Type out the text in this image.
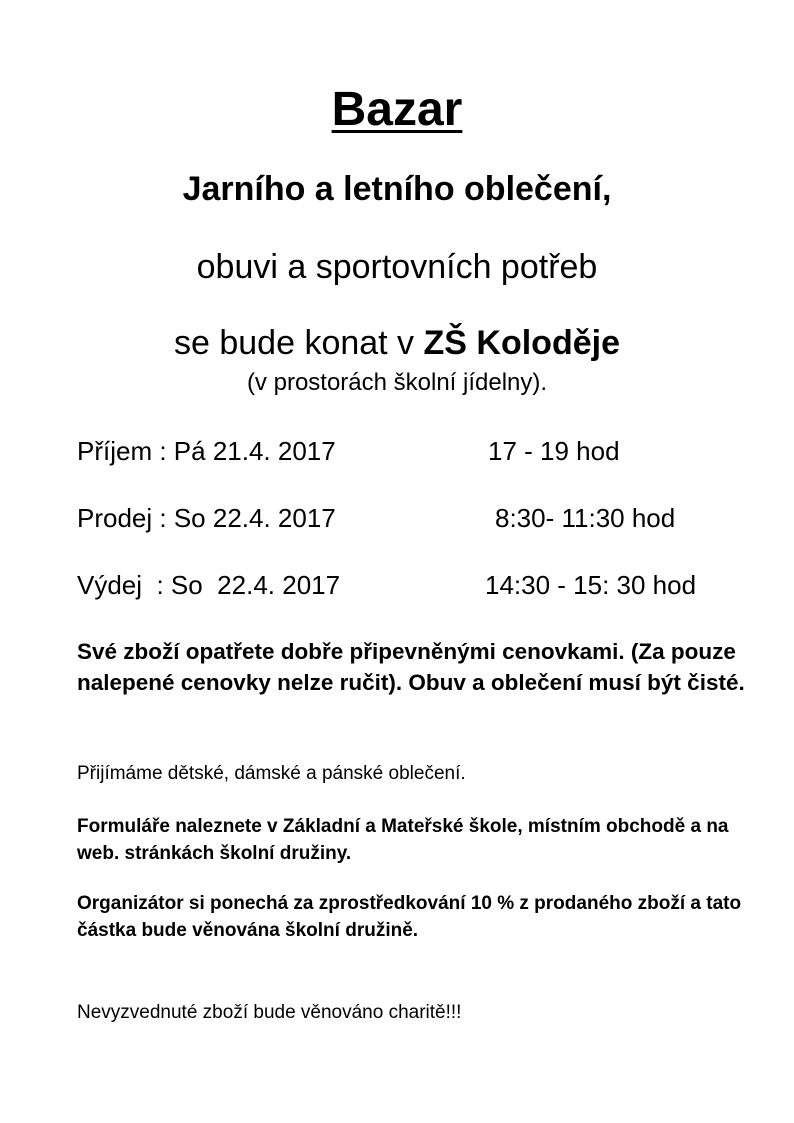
Bazar
Jarního a letního oblečení,
obuvi a sportovních potřeb
se bude konat v ZŠ Koloděje
(v prostorách školní jídelny).
Příjem : Pá 21.4. 2017	17 - 19 hod
Prodej : So 22.4. 2017	8:30- 11:30 hod
Výdej  : So  22.4. 2017	14:30 - 15: 30 hod

Své zboží opatřete dobře připevněnými cenovkami. (Za pouze nalepené cenovky nelze ručit). Obuv a oblečení musí být čisté.

Přijímáme dětské, dámské a pánské oblečení.

Formuláře naleznete v Základní a Mateřské škole, místním obchodě a na web. stránkách školní družiny.

Organizátor si ponechá za zprostředkování 10 % z prodaného zboží a tato částka bude věnována školní družině.

Nevyzvednuté zboží bude věnováno charitě!!!
